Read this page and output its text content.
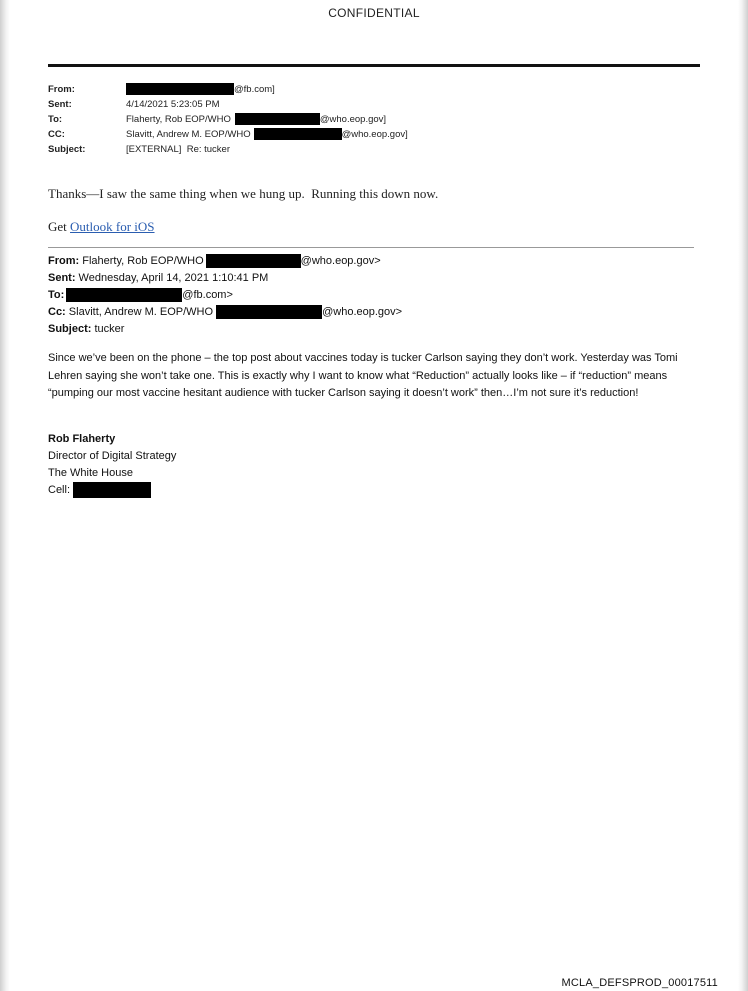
CONFIDENTIAL
From:	@fb.com]
Sent:	4/14/2021 5:23:05 PM
To:	Flaherty, Rob EOP/WHO	@who.eop.gov]
CC:	Slavitt, Andrew M. EOP/WHO	@who.eop.gov]
Subject:	[EXTERNAL]  Re: tucker
Thanks—I saw the same thing when we hung up.  Running this down now.
Get Outlook for iOS
From: Flaherty, Rob EOP/WHO	@who.eop.gov>
Sent: Wednesday, April 14, 2021 1:10:41 PM
To:	@fb.com>
Cc: Slavitt, Andrew M. EOP/WHO	@who.eop.gov>
Subject: tucker
Since we’ve been on the phone – the top post about vaccines today is tucker Carlson saying they don’t work. Yesterday was Tomi Lehren saying she won’t take one. This is exactly why I want to know what “Reduction” actually looks like – if “reduction” means “pumping our most vaccine hesitant audience with tucker Carlson saying it doesn’t work” then…I’m not sure it’s reduction!
Rob Flaherty
Director of Digital Strategy
The White House
Cell:
MCLA_DEFSPROD_00017511
